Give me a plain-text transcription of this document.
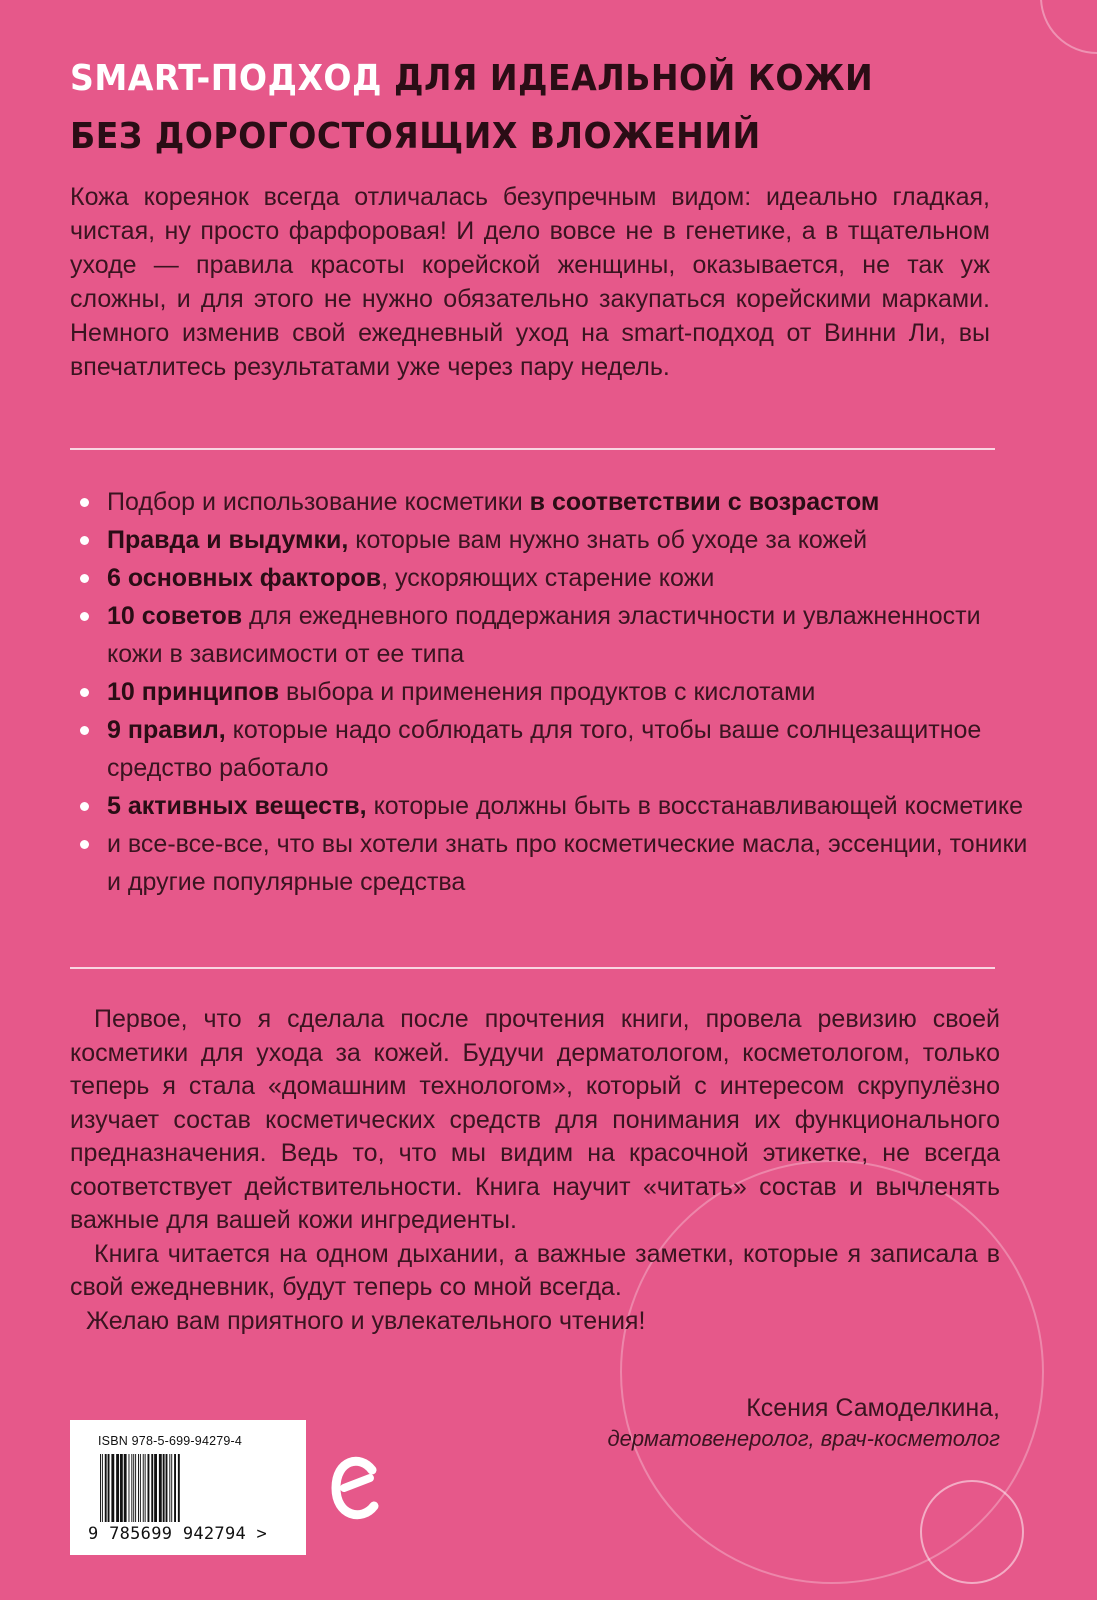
SMART-ПОДХОД ДЛЯ ИДЕАЛЬНОЙ КОЖИ
БЕЗ ДОРОГОСТОЯЩИХ ВЛОЖЕНИЙ
Кожа кореянок всегда отличалась безупречным видом: идеально гладкая, чистая, ну просто фарфоровая! И дело вовсе не в генетике, а в тщательном уходе — правила красоты корейской женщины, оказывается, не так уж сложны, и для этого не нужно обязательно закупаться корейскими марками. Немного изменив свой ежедневный уход на smart-подход от Винни Ли, вы впечатлитесь результатами уже через пару недель.
Подбор и использование косметики в соответствии с возрастом
Правда и выдумки, которые вам нужно знать об уходе за кожей
6 основных факторов, ускоряющих старение кожи
10 советов для ежедневного поддержания эластичности и увлажненности кожи в зависимости от ее типа
10 принципов выбора и применения продуктов с кислотами
9 правил, которые надо соблюдать для того, чтобы ваше солнцезащитное средство работало
5 активных веществ, которые должны быть в восстанавливающей косметике
и все-все-все, что вы хотели знать про косметические масла, эссенции, тоники и другие популярные средства

Первое, что я сделала после прочтения книги, провела ревизию своей косметики для ухода за кожей. Будучи дерматологом, косметологом, только теперь я стала «домашним технологом», который с интересом скрупулёзно изучает состав косметических средств для понимания их функционального предназначения. Ведь то, что мы видим на красочной этикетке, не всегда соответствует действительности. Книга научит «читать» состав и вычленять важные для вашей кожи ингредиенты.

Книга читается на одном дыхании, а важные заметки, которые я записала в свой ежедневник, будут теперь со мной всегда.

Желаю вам приятного и увлекательного чтения!

Ксения Самоделкина,
дерматовенеролог, врач-косметолог
ISBN 978-5-699-94279-4
9 785699 942794 >
